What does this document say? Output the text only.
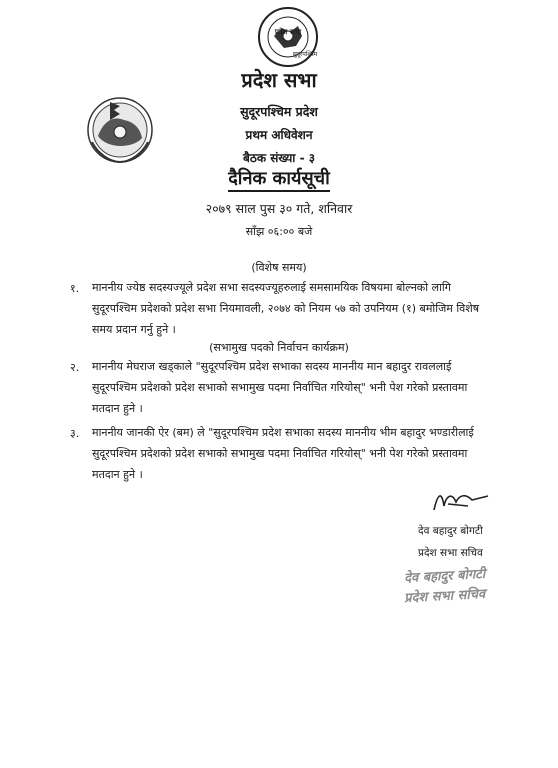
प्रदेश सभा
सुदूरपश्चिम
प्रदेश सभा
सुदूरपश्चिम प्रदेश
प्रथम अधिवेशन
बैठक संख्या - ३
दैनिक कार्यसूची
२०७९ साल पुस ३० गते, शनिवार
साँझ ०६:०० बजे
(विशेष समय)
१. माननीय ज्येष्ठ सदस्यज्यूले प्रदेश सभा सदस्यज्यूहरुलाई समसामयिक विषयमा बोल्नको लागि
सुदूरपश्चिम प्रदेशको प्रदेश सभा नियमावली, २०७४ को नियम ५७ को उपनियम (१) बमोजिम विशेष
समय प्रदान गर्नु हुने ।
(सभामुख पदको निर्वाचन कार्यक्रम)
२. माननीय मेघराज खड्काले "सुदूरपश्चिम प्रदेश सभाका सदस्य माननीय मान बहादुर रावललाई
सुदूरपश्चिम प्रदेशको प्रदेश सभाको सभामुख पदमा निर्वाचित गरियोस्" भनी पेश गरेको प्रस्तावमा
मतदान हुने ।
३. माननीय जानकी ऐर (बम) ले "सुदूरपश्चिम प्रदेश सभाका सदस्य माननीय भीम बहादुर भण्डारीलाई
सुदूरपश्चिम प्रदेशको प्रदेश सभाको सभामुख पदमा निर्वाचित गरियोस्" भनी पेश गरेको प्रस्तावमा
मतदान हुने ।
देव बहादुर बोगटी
प्रदेश सभा सचिव
देव बहादुर बोगटी
प्रदेश सभा सचिव
